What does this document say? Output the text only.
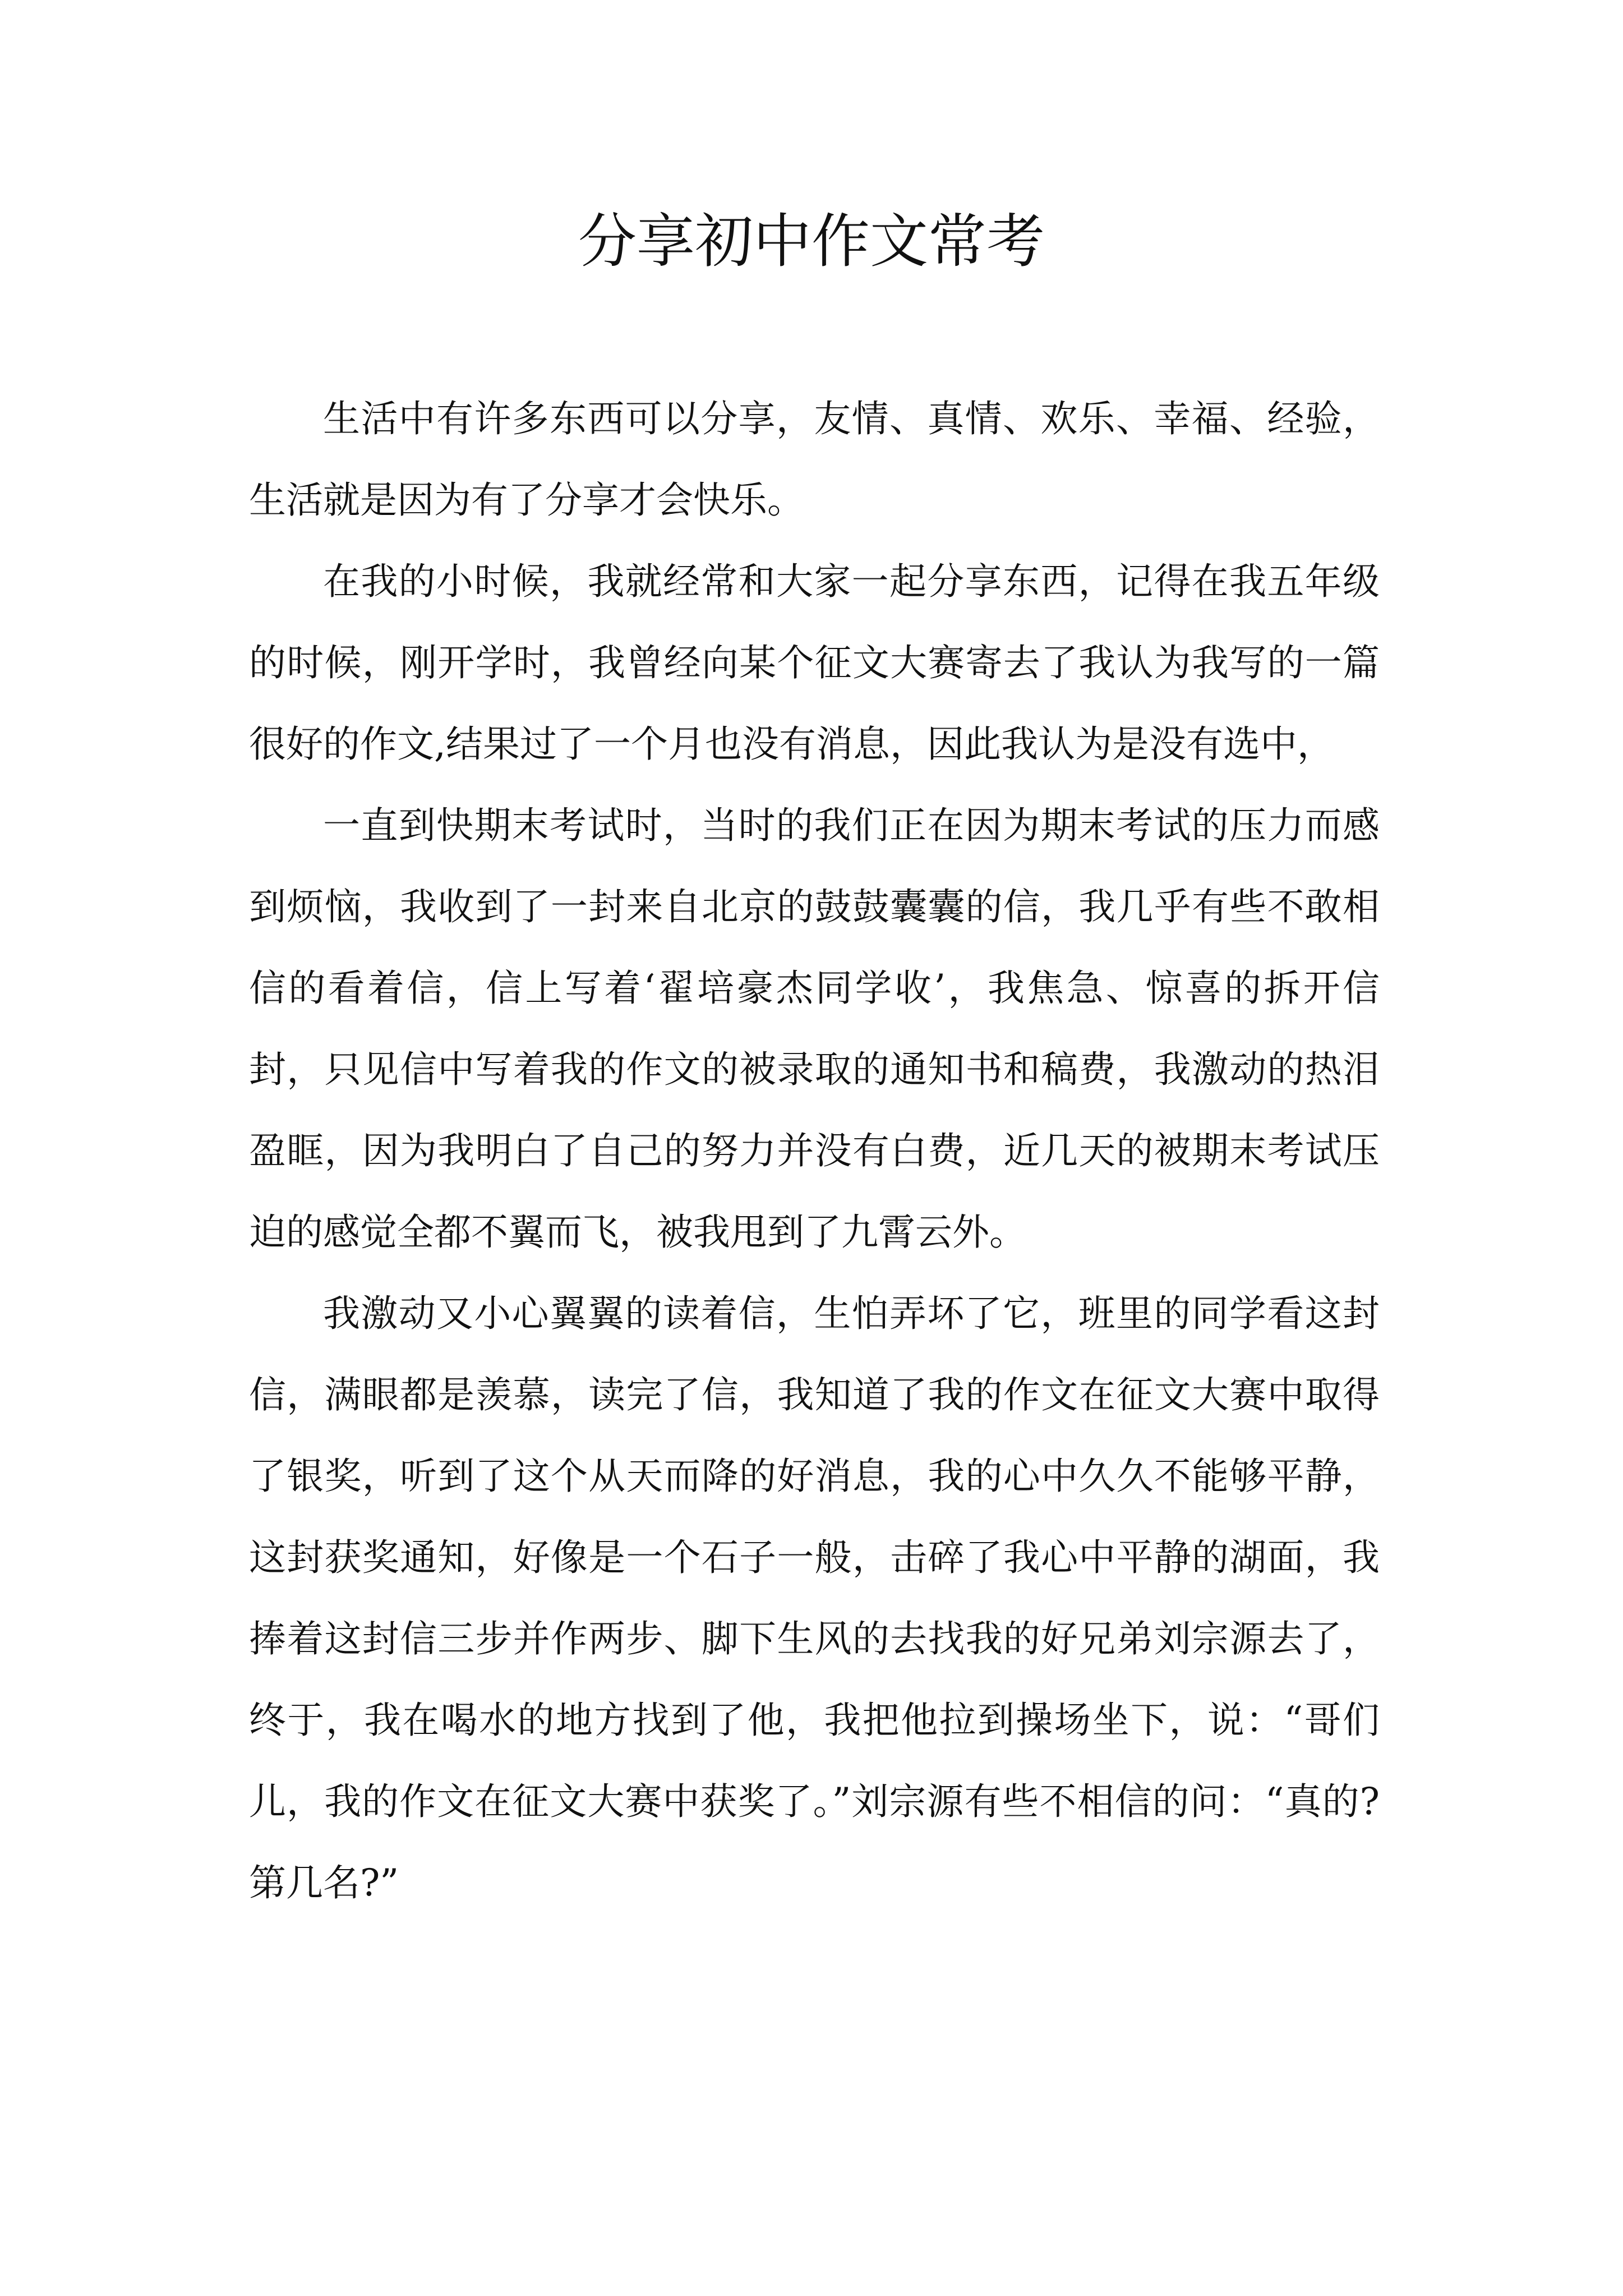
分享初中作文常考

生活中有许多东西可以分享，友情、真情、欢乐、幸福、经验，生活就是因为有了分享才会快乐。

在我的小时候，我就经常和大家一起分享东西，记得在我五年级的时候，刚开学时，我曾经向某个征文大赛寄去了我认为我写的一篇很好的作文,结果过了一个月也没有消息，因此我认为是没有选中，

一直到快期末考试时，当时的我们正在因为期末考试的压力而感到烦恼，我收到了一封来自北京的鼓鼓囊囊的信，我几乎有些不敢相信的看着信，信上写着‘翟培豪杰同学收’，我焦急、惊喜的拆开信封，只见信中写着我的作文的被录取的通知书和稿费，我激动的热泪盈眶，因为我明白了自己的努力并没有白费，近几天的被期末考试压迫的感觉全都不翼而飞，被我甩到了九霄云外。

我激动又小心翼翼的读着信，生怕弄坏了它，班里的同学看这封信，满眼都是羡慕，读完了信，我知道了我的作文在征文大赛中取得了银奖，听到了这个从天而降的好消息，我的心中久久不能够平静，这封获奖通知，好像是一个石子一般，击碎了我心中平静的湖面，我捧着这封信三步并作两步、脚下生风的去找我的好兄弟刘宗源去了，终于，我在喝水的地方找到了他，我把他拉到操场坐下，说：“哥们儿，我的作文在征文大赛中获奖了。”刘宗源有些不相信的问：“真的?第几名?”
